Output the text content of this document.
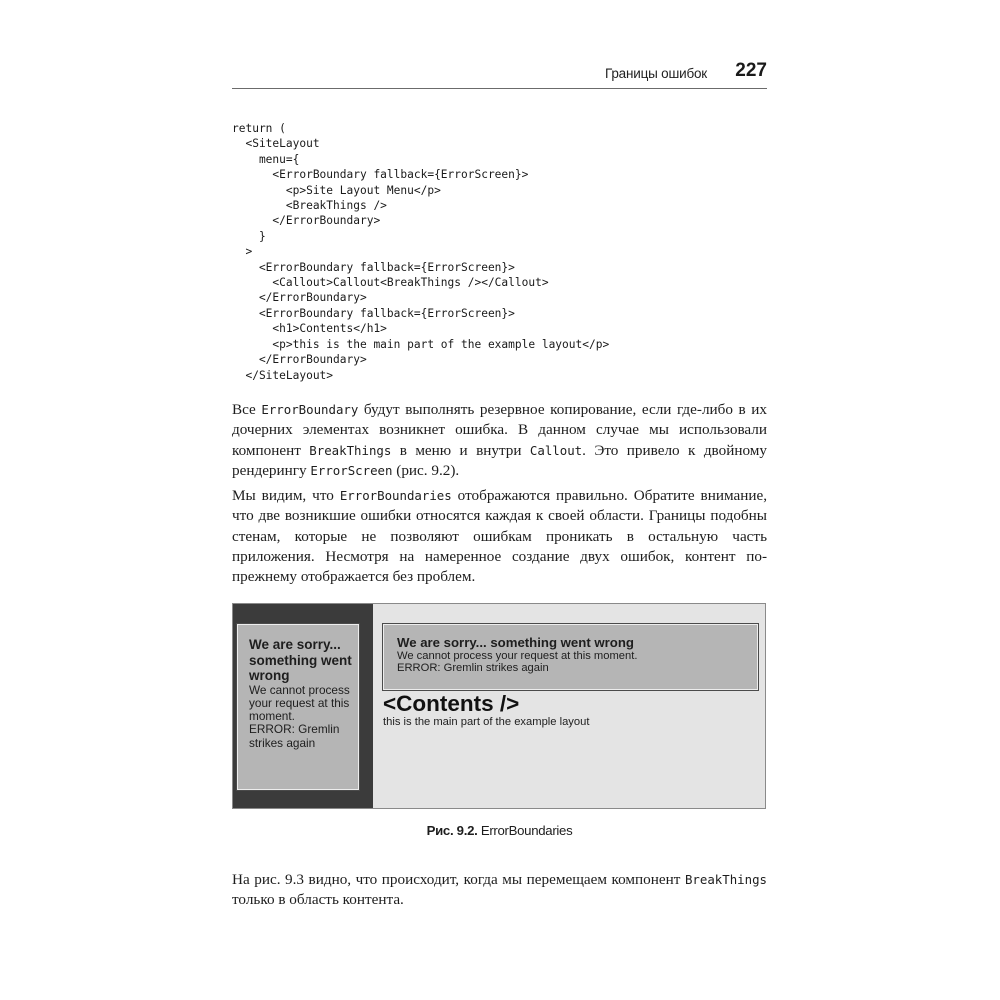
Границы ошибок 227
return (
<SiteLayout
menu={
<ErrorBoundary fallback={ErrorScreen}>
<p>Site Layout Menu</p>
<BreakThings />
</ErrorBoundary>
}
>
<ErrorBoundary fallback={ErrorScreen}>
<Callout>Callout<BreakThings /></Callout>
</ErrorBoundary>
<ErrorBoundary fallback={ErrorScreen}>
<h1>Contents</h1>
<p>this is the main part of the example layout</p>
</ErrorBoundary>
</SiteLayout>

Все ErrorBoundary будут выполнять резервное копирование, если где-либо в их дочерних элементах возникнет ошибка. В данном случае мы использовали компонент BreakThings в меню и внутри Callout. Это привело к двойному рендерингу ErrorScreen (рис. 9.2).

Мы видим, что ErrorBoundaries отображаются правильно. Обратите внимание, что две возникшие ошибки относятся каждая к своей области. Границы подобны стенам, которые не позволяют ошибкам проникать в остальную часть приложения. Несмотря на намеренное создание двух ошибок, контент по-прежнему отображается без проблем.

We are sorry... something went wrong
We cannot process your request at this moment.
ERROR: Gremlin strikes again
We are sorry... something went wrong
We cannot process your request at this moment.
ERROR: Gremlin strikes again
<Contents />
this is the main part of the example layout
Рис. 9.2. ErrorBoundaries

На рис. 9.3 видно, что происходит, когда мы перемещаем компонент BreakThings только в область контента.
